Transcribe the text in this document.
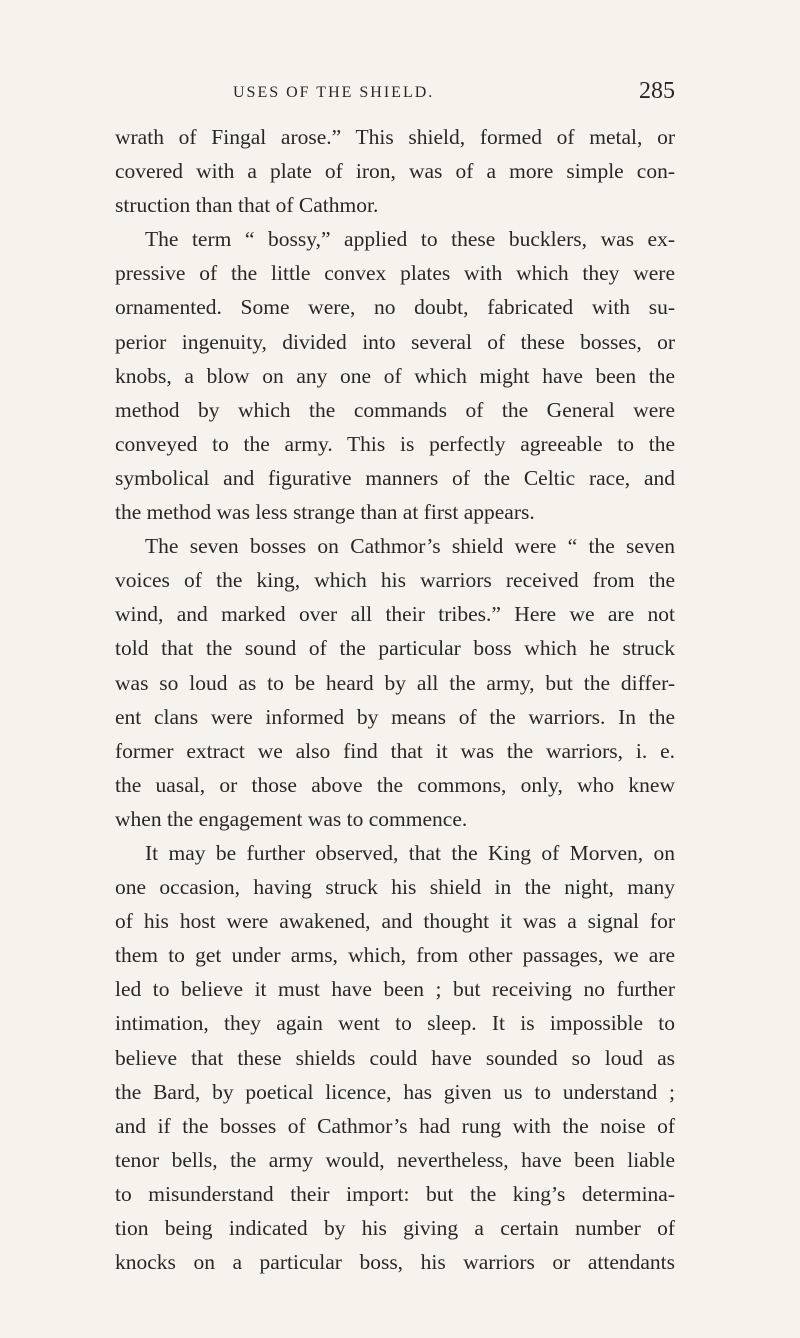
USES OF THE SHIELD.	285
wrath of Fingal arose.” This shield, formed of metal, or
covered with a plate of iron, was of a more simple con-
struction than that of Cathmor.
The term “ bossy,” applied to these bucklers, was ex-
pressive of the little convex plates with which they were
ornamented. Some were, no doubt, fabricated with su-
perior ingenuity, divided into several of these bosses, or
knobs, a blow on any one of which might have been the
method by which the commands of the General were
conveyed to the army. This is perfectly agreeable to the
symbolical and figurative manners of the Celtic race, and
the method was less strange than at first appears.
The seven bosses on Cathmor’s shield were “ the seven
voices of the king, which his warriors received from the
wind, and marked over all their tribes.” Here we are not
told that the sound of the particular boss which he struck
was so loud as to be heard by all the army, but the differ-
ent clans were informed by means of the warriors. In the
former extract we also find that it was the warriors, i. e.
the uasal, or those above the commons, only, who knew
when the engagement was to commence.
It may be further observed, that the King of Morven, on
one occasion, having struck his shield in the night, many
of his host were awakened, and thought it was a signal for
them to get under arms, which, from other passages, we are
led to believe it must have been ; but receiving no further
intimation, they again went to sleep. It is impossible to
believe that these shields could have sounded so loud as
the Bard, by poetical licence, has given us to understand ;
and if the bosses of Cathmor’s had rung with the noise of
tenor bells, the army would, nevertheless, have been liable
to misunderstand their import: but the king’s determina-
tion being indicated by his giving a certain number of
knocks on a particular boss, his warriors or attendants
